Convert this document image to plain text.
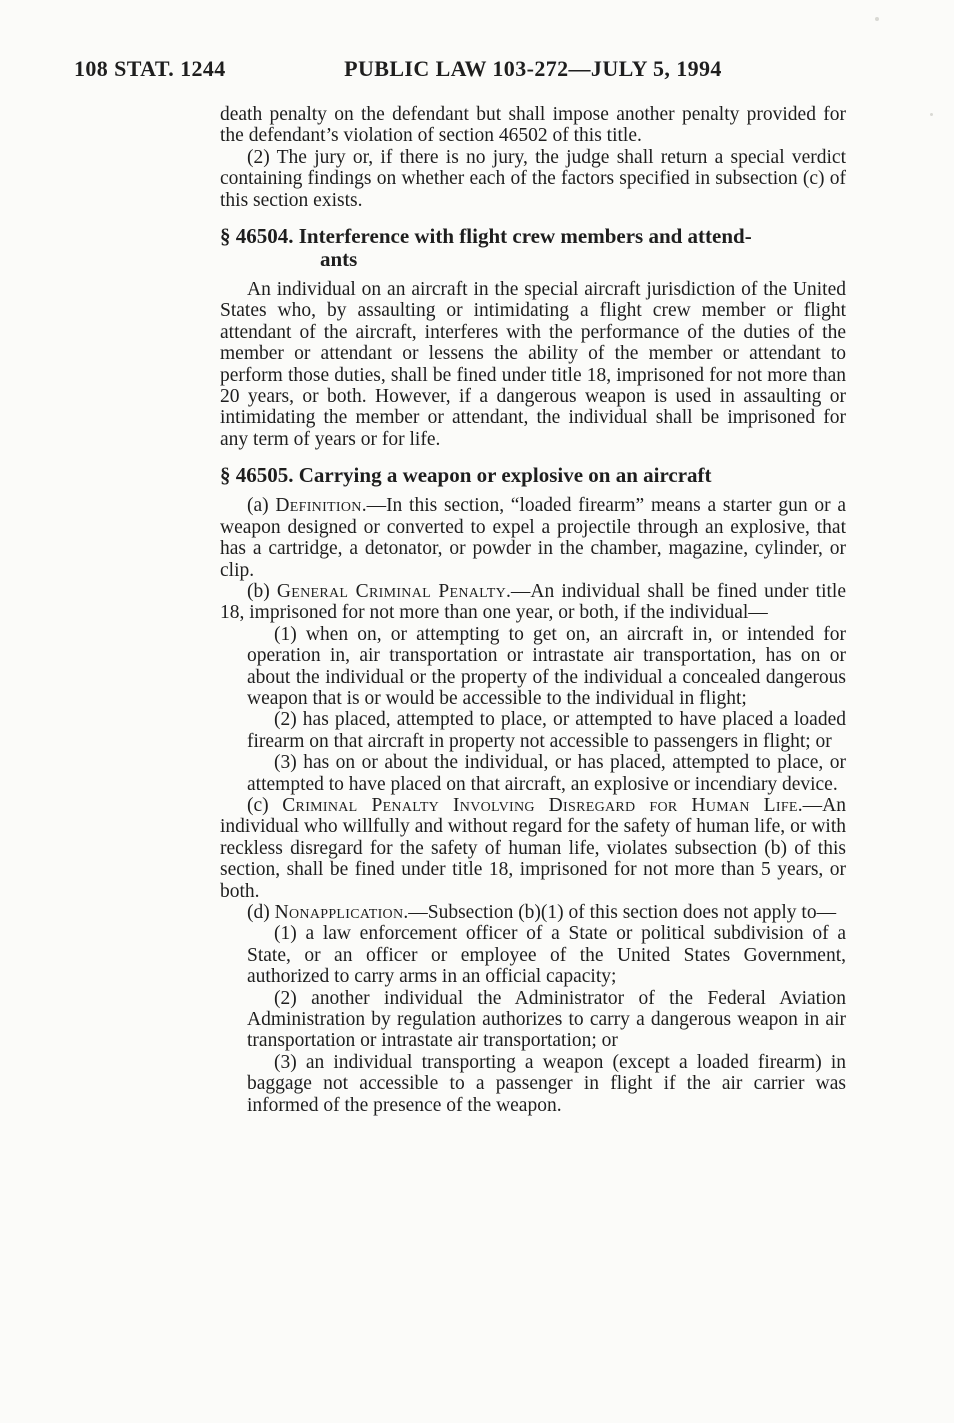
108 STAT. 1244	PUBLIC LAW 103-272—JULY 5, 1994

death penalty on the defendant but shall impose another penalty provided for the defendant’s violation of section 46502 of this title.

(2) The jury or, if there is no jury, the judge shall return a special verdict containing findings on whether each of the factors specified in subsection (c) of this section exists.

§ 46504. Interference with flight crew members and attend-
ants

An individual on an aircraft in the special aircraft jurisdiction of the United States who, by assaulting or intimidating a flight crew member or flight attendant of the aircraft, interferes with the performance of the duties of the member or attendant or lessens the ability of the member or attendant to perform those duties, shall be fined under title 18, imprisoned for not more than 20 years, or both. However, if a dangerous weapon is used in assaulting or intimidating the member or attendant, the individual shall be imprisoned for any term of years or for life.

§ 46505. Carrying a weapon or explosive on an aircraft

(a) Definition.—In this section, “loaded firearm” means a starter gun or a weapon designed or converted to expel a projectile through an explosive, that has a cartridge, a detonator, or powder in the chamber, magazine, cylinder, or clip.

(b) General Criminal Penalty.—An individual shall be fined under title 18, imprisoned for not more than one year, or both, if the individual—

(1) when on, or attempting to get on, an aircraft in, or intended for operation in, air transportation or intrastate air transportation, has on or about the individual or the property of the individual a concealed dangerous weapon that is or would be accessible to the individual in flight;

(2) has placed, attempted to place, or attempted to have placed a loaded firearm on that aircraft in property not accessible to passengers in flight; or

(3) has on or about the individual, or has placed, attempted to place, or attempted to have placed on that aircraft, an explosive or incendiary device.

(c) Criminal Penalty Involving Disregard for Human Life.—An individual who willfully and without regard for the safety of human life, or with reckless disregard for the safety of human life, violates subsection (b) of this section, shall be fined under title 18, imprisoned for not more than 5 years, or both.

(d) Nonapplication.—Subsection (b)(1) of this section does not apply to—

(1) a law enforcement officer of a State or political subdivision of a State, or an officer or employee of the United States Government, authorized to carry arms in an official capacity;

(2) another individual the Administrator of the Federal Aviation Administration by regulation authorizes to carry a dangerous weapon in air transportation or intrastate air transportation; or

(3) an individual transporting a weapon (except a loaded firearm) in baggage not accessible to a passenger in flight if the air carrier was informed of the presence of the weapon.
